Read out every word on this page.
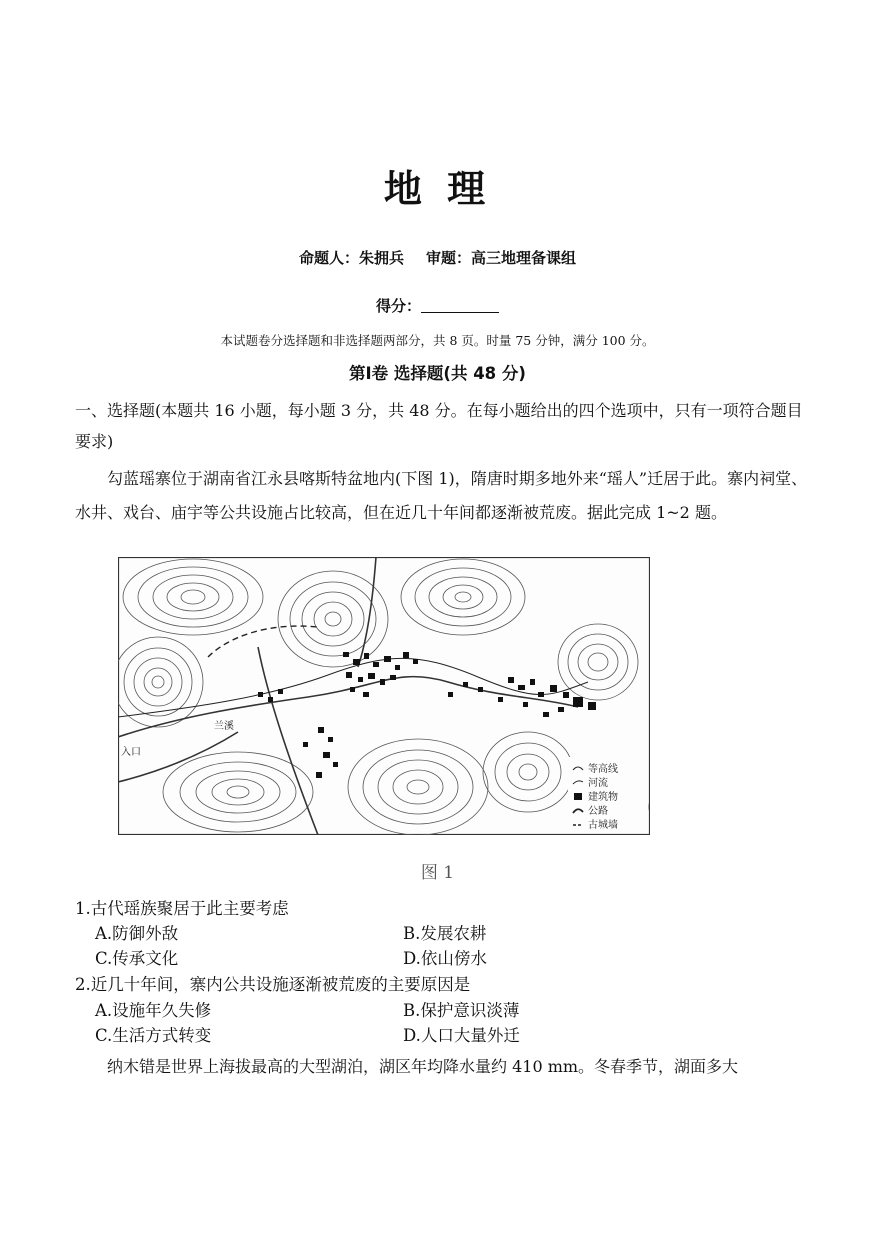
地 理
命题人：朱拥兵 审题：高三地理备课组
得分：
本试题卷分选择题和非选择题两部分，共 8 页。时量 75 分钟，满分 100 分。
第Ⅰ卷 选择题(共 48 分)
一、选择题(本题共 16 小题，每小题 3 分，共 48 分。在每小题给出的四个选项中，只有一项符合题目要求)
勾蓝瑶寨位于湖南省江永县喀斯特盆地内(下图 1)，隋唐时期多地外来“瑶人”迁居于此。寨内祠堂、水井、戏台、庙宇等公共设施占比较高，但在近几十年间都逐渐被荒废。据此完成 1~2 题。
兰溪
入口
等高线
河流
建筑物
公路
古城墙
图 1
1.古代瑶族聚居于此主要考虑
A.防御外敌	B.发展农耕
C.传承文化	D.依山傍水
2.近几十年间，寨内公共设施逐渐被荒废的主要原因是
A.设施年久失修	B.保护意识淡薄
C.生活方式转变	D.人口大量外迁
纳木错是世界上海拔最高的大型湖泊，湖区年均降水量约 410 mm。冬春季节，湖面多大
